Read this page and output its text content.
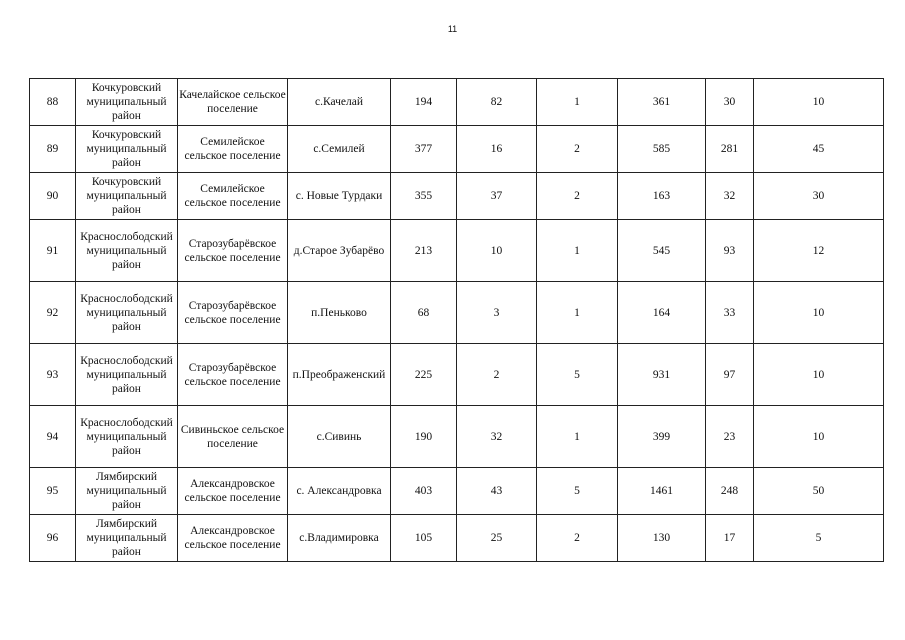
11
88	Кочкуровский муниципальный район	Качелайское сельское поселение	с.Качелай	194	82	1	361	30	10
89	Кочкуровский муниципальный район	Семилейское сельское поселение	с.Семилей	377	16	2	585	281	45
90	Кочкуровский муниципальный район	Семилейское сельское поселение	с. Новые Турдаки	355	37	2	163	32	30
91	Краснослободский муниципальный район	Старозубарёвское сельское поселение	д.Старое Зубарёво	213	10	1	545	93	12
92	Краснослободский муниципальный район	Старозубарёвское сельское поселение	п.Пеньково	68	3	1	164	33	10
93	Краснослободский муниципальный район	Старозубарёвское сельское поселение	п.Преображенский	225	2	5	931	97	10
94	Краснослободский муниципальный район	Сивиньское сельское поселение	с.Сивинь	190	32	1	399	23	10
95	Лямбирский муниципальный район	Александровское сельское поселение	с. Александровка	403	43	5	1461	248	50
96	Лямбирский муниципальный район	Александровское сельское поселение	с.Владимировка	105	25	2	130	17	5
